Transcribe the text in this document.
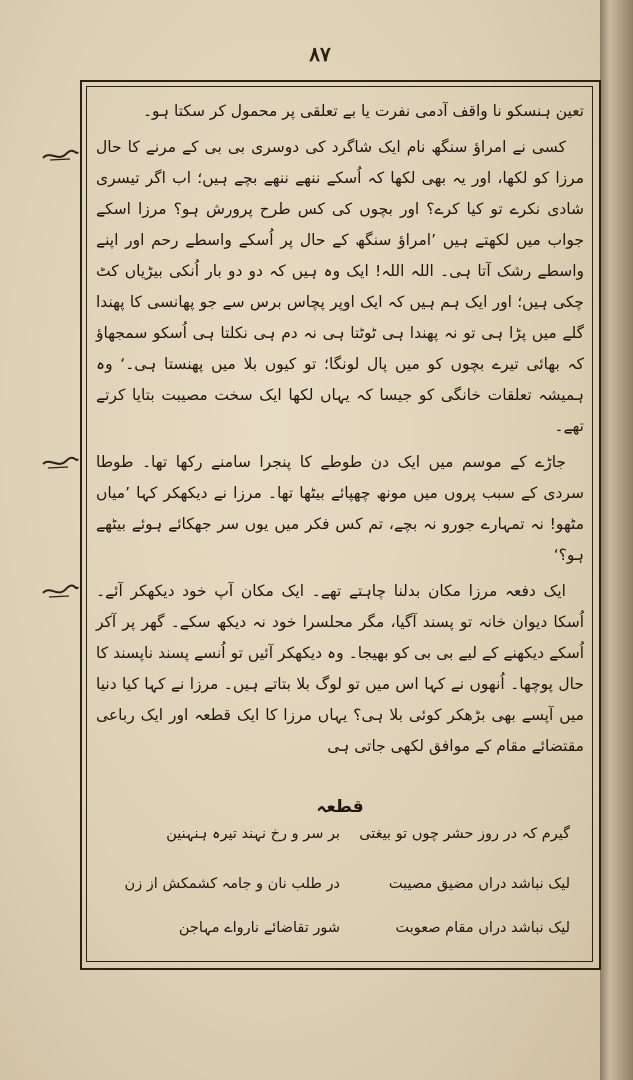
۸۷

تعین ہنسکو نا واقف آدمی نفرت یا بے تعلقی پر محمول کر سکتا ہو۔

کسی نے امراؤ سنگھ نام ایک شاگرد کی دوسری بی بی کے مرنے کا حال مرزا کو لکھا، اور یہ بھی لکھا کہ اُسکے ننھے ننھے بچے ہیں؛ اب اگر تیسری شادی نکرے تو کیا کرے؟ اور بچوں کی کس طرح پرورش ہو؟ مرزا اسکے جواب میں لکھتے ہیں ’امراؤ سنگھ کے حال پر اُسکے واسطے رحم اور اپنے واسطے رشک آتا ہی۔ اللہ اللہ! ایک وہ ہیں کہ دو دو بار اُنکی بیڑیاں کٹ چکی ہیں؛ اور ایک ہم ہیں کہ ایک اوپر پچاس برس سے جو پھانسی کا پھندا گلے میں پڑا ہی تو نہ پھندا ہی ٹوٹتا ہی نہ دم ہی نکلتا ہی اُسکو سمجھاؤ کہ بھائی تیرے بچوں کو میں پال لونگا؛ تو کیوں بلا میں پھنستا ہی۔‘ وہ ہمیشہ تعلقات خانگی کو جیسا کہ یہاں لکھا ایک سخت مصیبت بتایا کرتے تھے۔

جاڑے کے موسم میں ایک دن طوطے کا پنجرا سامنے رکھا تھا۔ طوطا سردی کے سبب پروں میں مونھ چھپائے بیٹھا تھا۔ مرزا نے دیکھکر کہا ’میاں مٹھو! نہ تمہارے جورو نہ بچے، تم کس فکر میں یوں سر جھکائے ہوئے بیٹھے ہو؟‘

ایک دفعہ مرزا مکان بدلنا چاہتے تھے۔ ایک مکان آپ خود دیکھکر آئے۔ اُسکا دیوان خانہ تو پسند آگیا، مگر محلسرا خود نہ دیکھ سکے۔ گھر پر آکر اُسکے دیکھنے کے لیے بی بی کو بھیجا۔ وہ دیکھکر آئیں تو اُنسے پسند ناپسند کا حال پوچھا۔ اُنھوں نے کہا اس میں تو لوگ بلا بتاتے ہیں۔ مرزا نے کہا کیا دنیا میں آپسے بھی بڑھکر کوئی بلا ہی؟ یہاں مرزا کا ایک قطعہ اور ایک رباعی مقتضائے مقام کے موافق لکھی جاتی ہی

قطعہ
گیرم کہ در روز حشر چوں تو بیغتی
بر سر و رخ نہند تیرہ ہنہنین
لیک نباشد دراں مضیق مصیبت
در طلب نان و جامہ کشمکش از زن
لیک نباشد دراں مقام صعوبت
شور تقاضائے نارواے مہاجن
